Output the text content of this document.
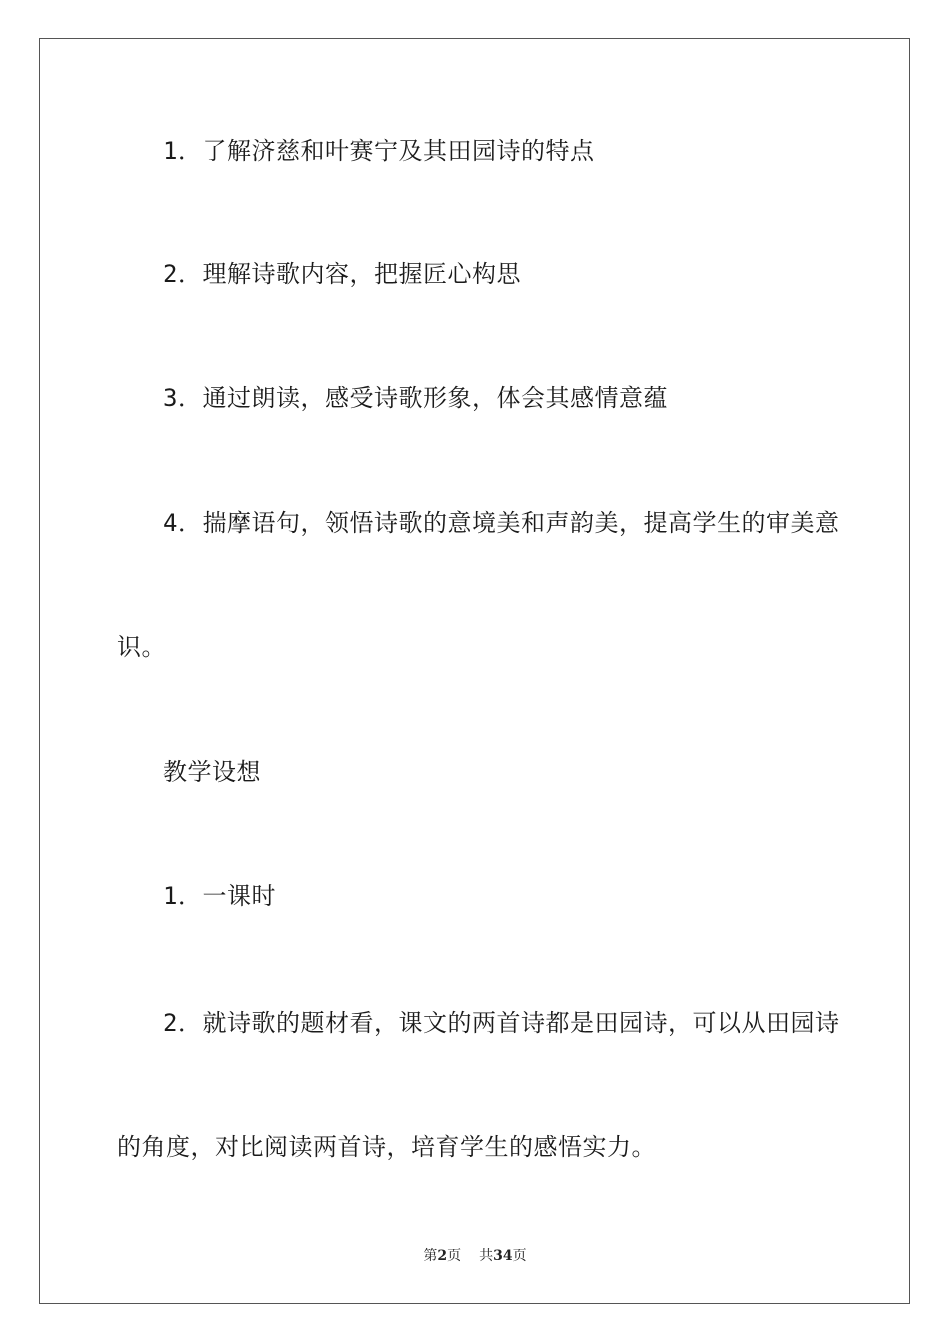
1．了解济慈和叶赛宁及其田园诗的特点
2．理解诗歌内容，把握匠心构思
3．通过朗读，感受诗歌形象，体会其感情意蕴
4．揣摩语句，领悟诗歌的意境美和声韵美，提高学生的审美意
识。
教学设想
1．一课时
2．就诗歌的题材看，课文的两首诗都是田园诗，可以从田园诗
的角度，对比阅读两首诗，培育学生的感悟实力。
第2页 共34页
